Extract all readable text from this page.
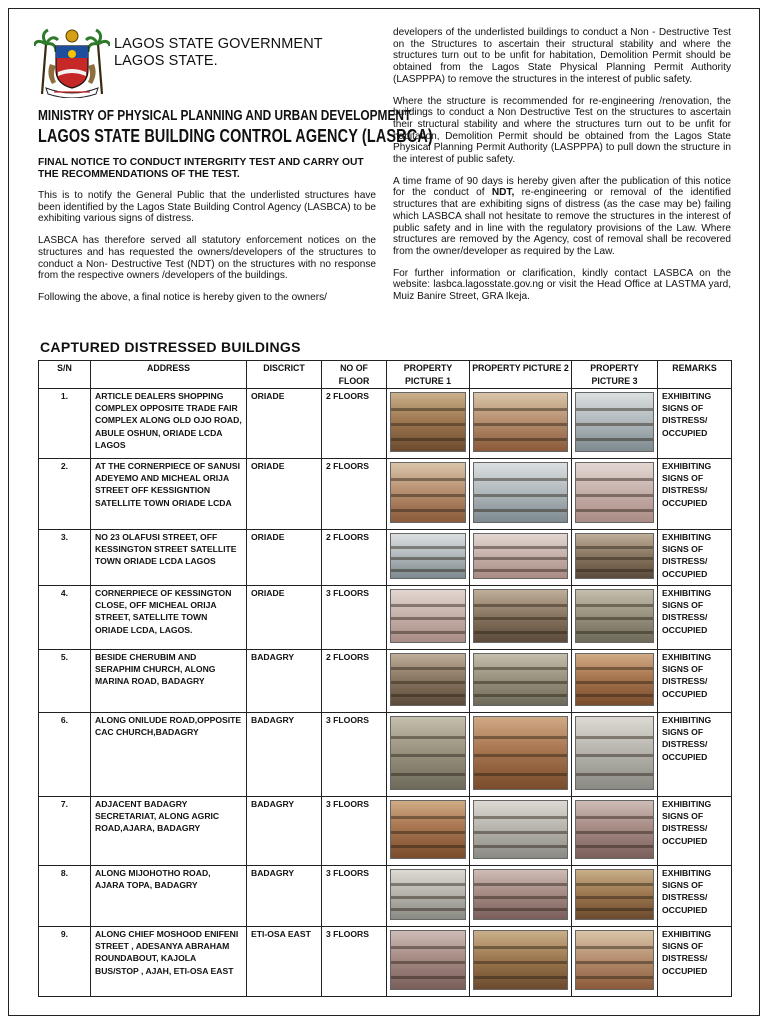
LAGOS STATE GOVERNMENT
LAGOS STATE.
MINISTRY OF PHYSICAL PLANNING AND URBAN DEVELOPMENT
LAGOS STATE BUILDING CONTROL AGENCY (LASBCA)
FINAL NOTICE TO CONDUCT INTERGRITY TEST AND CARRY OUT THE RECOMMENDATIONS OF THE TEST.

This is to notify the General Public that the underlisted structures have been identified by the Lagos State Building Control Agency (LASBCA) to be exhibiting various signs of distress.

LASBCA has therefore served all statutory enforcement notices on the structures and has requested the owners/developers of the structures to conduct a Non- Destructive Test (NDT) on the structures with no response from the respective owners /developers of the buildings.

Following the above, a final notice is hereby given to the owners/

developers of the underlisted buildings to conduct a Non - Destructive Test on the Structures to ascertain their structural stability and where the structures turn out to be unfit for habitation, Demolition Permit should be obtained from the Lagos State Physical Planning Permit Authority (LASPPPA) to remove the structures in the interest of public safety.

Where the structure is recommended for re-engineering /renovation, the buildings to conduct a Non Destructive Test on the structures to ascertain their structural stability and where the structures turn out to be unfit for habitation, Demolition Permit should be obtained from the Lagos State Physical Planning Permit Authority (LASPPPA) to pull down the structure in the interest of public safety.

A time frame of 90 days is hereby given after the publication of this notice for the conduct of NDT, re-engineering or removal of the identified structures that are exhibiting signs of distress (as the case may be) failing which LASBCA shall not hesitate to remove the structures in the interest of public safety and in line with the regulatory provisions of the Law. Where structures are removed by the Agency, cost of removal shall be recovered from the owner/developer as required by the Law.

For further information or clarification, kindly contact LASBCA on the website: lasbca.lagosstate.gov.ng or visit the Head Office at LASTMA yard, Muiz Banire Street, GRA Ikeja.

CAPTURED DISTRESSED BUILDINGS
S/N	ADDRESS	DISCRICT	NO OF FLOOR	PROPERTY PICTURE 1	PROPERTY PICTURE 2	PROPERTY PICTURE 3	REMARKS
1.	ARTICLE DEALERS SHOPPING COMPLEX OPPOSITE TRADE FAIR COMPLEX ALONG OLD OJO ROAD, ABULE OSHUN, ORIADE LCDA LAGOS	ORIADE	2 FLOORS				EXHIBITING SIGNS OF DISTRESS/ OCCUPIED
2.	AT THE CORNERPIECE OF SANUSI ADEYEMO AND MICHEAL ORIJA STREET OFF KESSIGNTION SATELLITE TOWN ORIADE LCDA	ORIADE	2 FLOORS				EXHIBITING SIGNS OF DISTRESS/ OCCUPIED
3.	NO 23 OLAFUSI STREET, OFF KESSINGTON STREET SATELLITE TOWN ORIADE LCDA LAGOS	ORIADE	2 FLOORS				EXHIBITING SIGNS OF DISTRESS/ OCCUPIED
4.	CORNERPIECE OF KESSINGTON CLOSE, OFF MICHEAL ORIJA STREET, SATELLITE TOWN ORIADE LCDA, LAGOS.	ORIADE	3 FLOORS				EXHIBITING SIGNS OF DISTRESS/ OCCUPIED
5.	BESIDE CHERUBIM AND SERAPHIM CHURCH, ALONG MARINA ROAD, BADAGRY	BADAGRY	2 FLOORS				EXHIBITING SIGNS OF DISTRESS/ OCCUPIED
6.	ALONG ONILUDE ROAD,OPPOSITE CAC CHURCH,BADAGRY	BADAGRY	3 FLOORS				EXHIBITING SIGNS OF DISTRESS/ OCCUPIED
7.	ADJACENT BADAGRY SECRETARIAT, ALONG AGRIC ROAD,AJARA, BADAGRY	BADAGRY	3 FLOORS				EXHIBITING SIGNS OF DISTRESS/ OCCUPIED
8.	ALONG MIJOHOTHO ROAD, AJARA TOPA, BADAGRY	BADAGRY	3 FLOORS				EXHIBITING SIGNS OF DISTRESS/ OCCUPIED
9.	ALONG CHIEF MOSHOOD ENIFENI STREET , ADESANYA ABRAHAM ROUNDABOUT, KAJOLA BUS/STOP , AJAH, ETI-OSA EAST	ETI-OSA EAST	3 FLOORS				EXHIBITING SIGNS OF DISTRESS/ OCCUPIED
